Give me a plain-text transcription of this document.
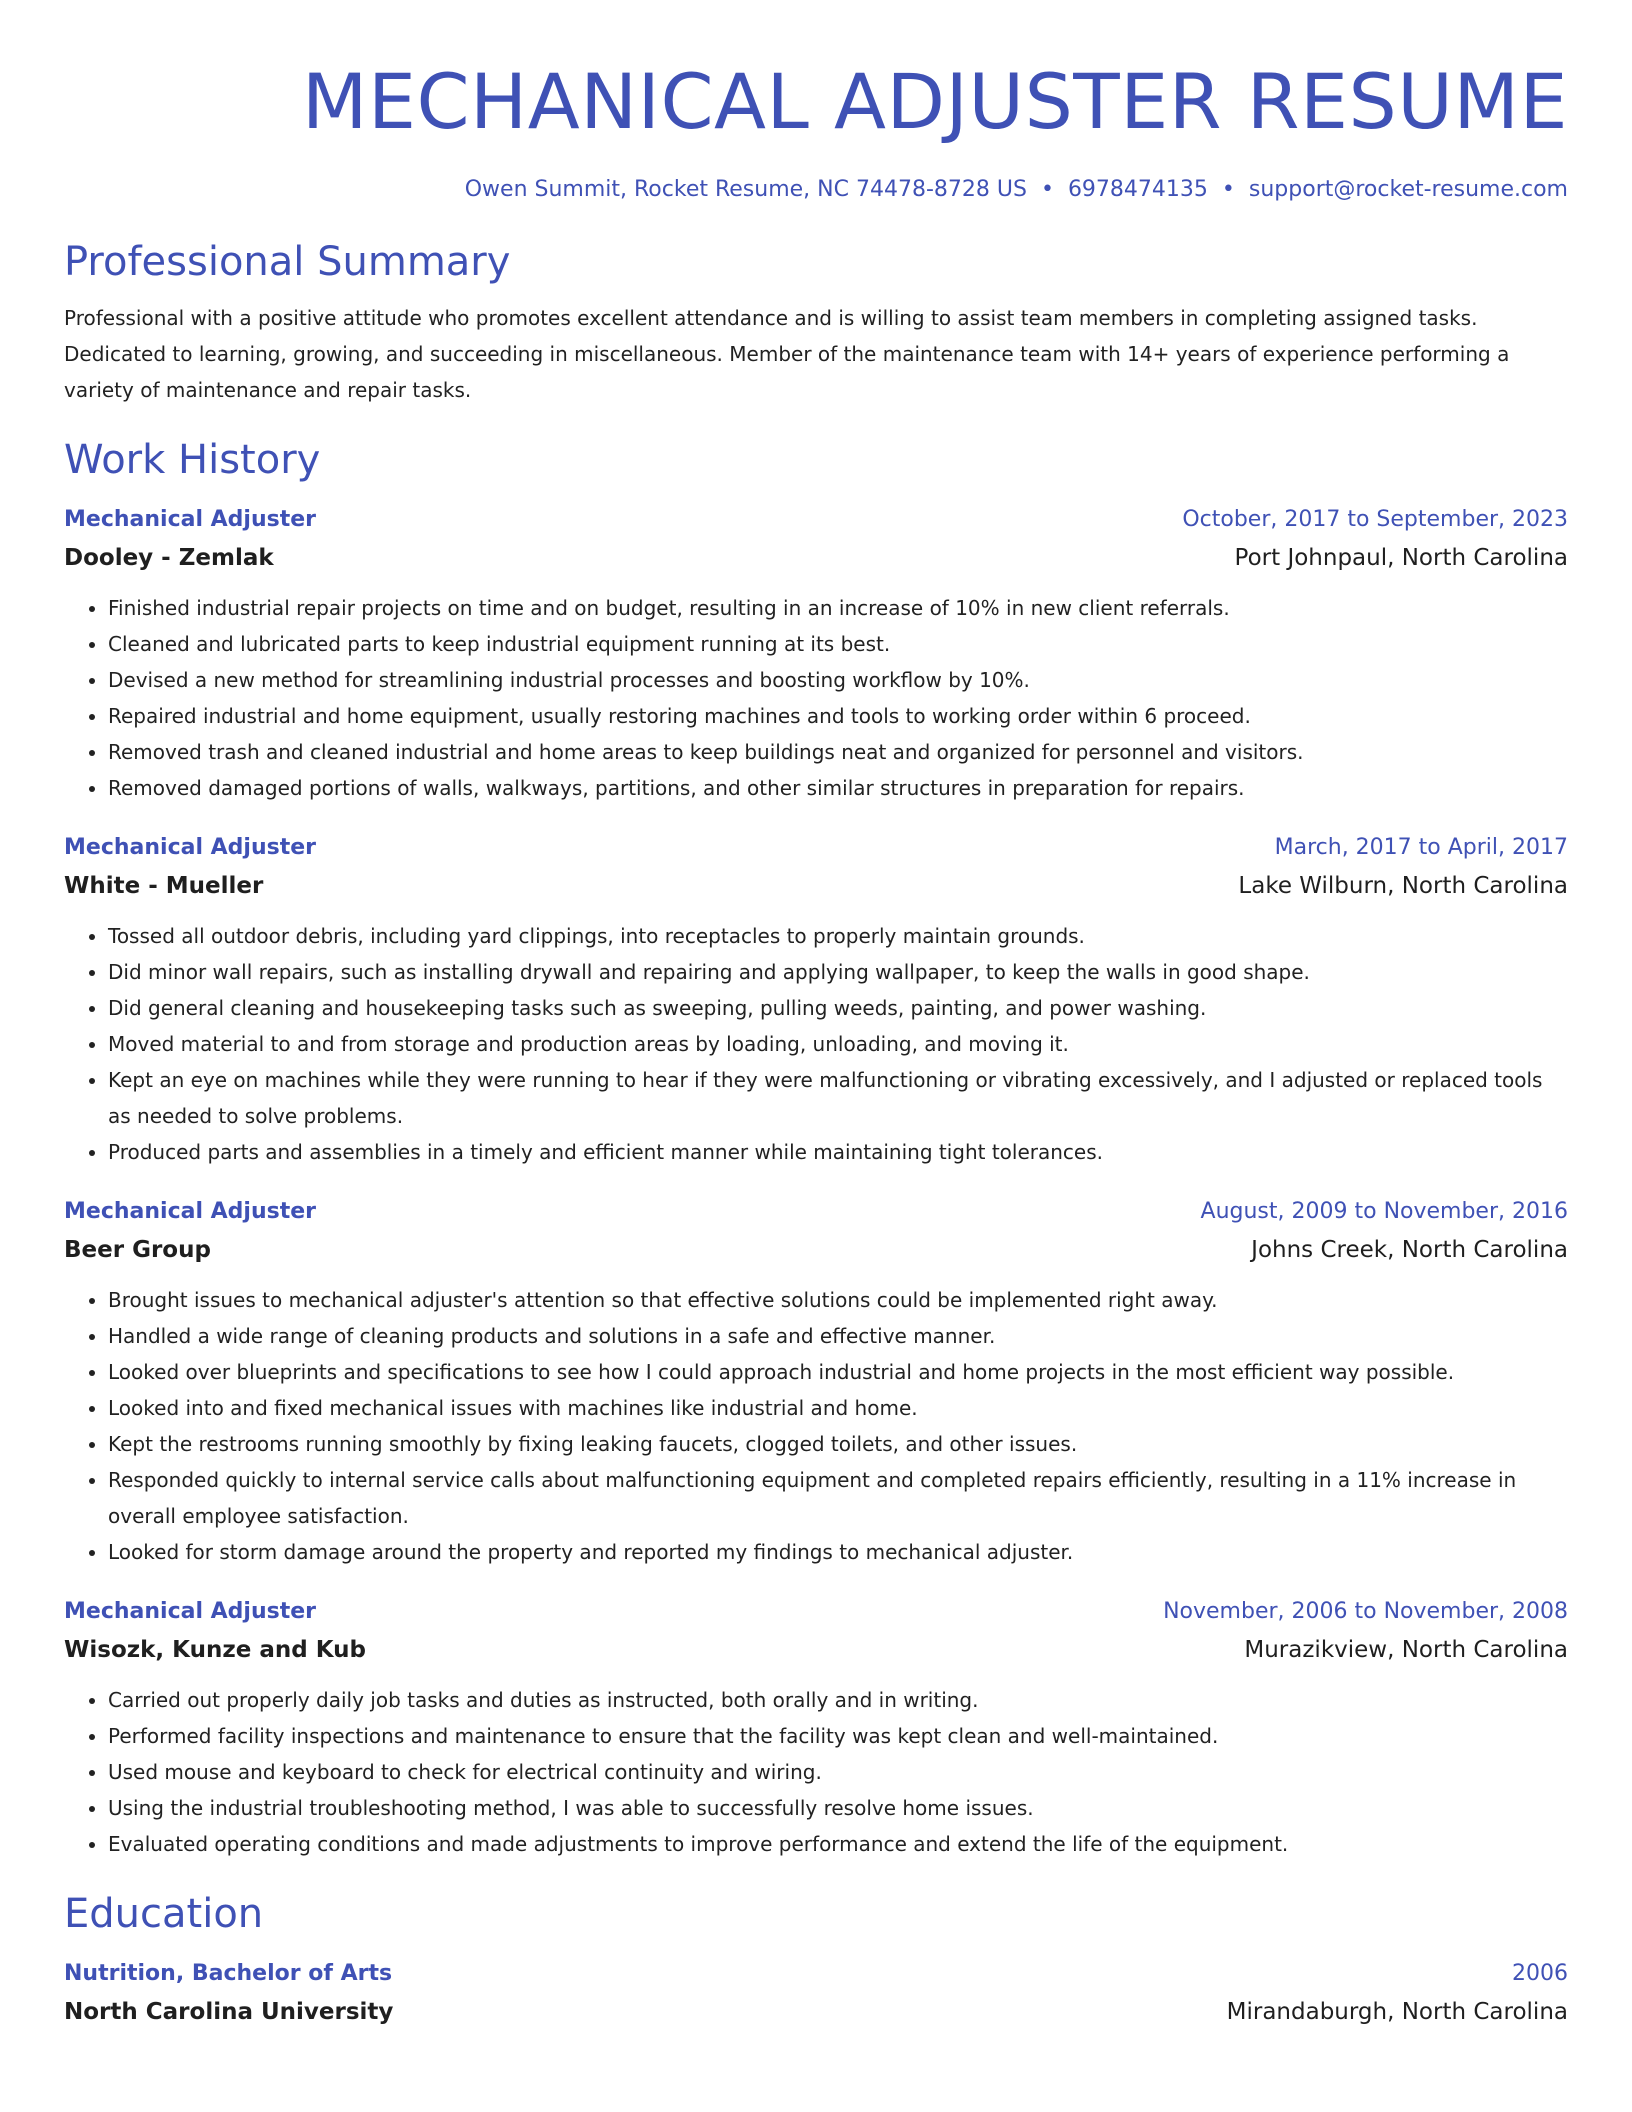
MECHANICAL ADJUSTER RESUME
Owen Summit, Rocket Resume, NC 74478-8728 US • 6978474135 • support@rocket-resume.com
Professional Summary
Professional with a positive attitude who promotes excellent attendance and is willing to assist team members in completing assigned tasks. Dedicated to learning, growing, and succeeding in miscellaneous. Member of the maintenance team with 14+ years of experience performing a variety of maintenance and repair tasks.
Work History
Mechanical Adjuster	October, 2017 to September, 2023
Dooley - Zemlak	Port Johnpaul, North Carolina
• Finished industrial repair projects on time and on budget, resulting in an increase of 10% in new client referrals.
• Cleaned and lubricated parts to keep industrial equipment running at its best.
• Devised a new method for streamlining industrial processes and boosting workflow by 10%.
• Repaired industrial and home equipment, usually restoring machines and tools to working order within 6 proceed.
• Removed trash and cleaned industrial and home areas to keep buildings neat and organized for personnel and visitors.
• Removed damaged portions of walls, walkways, partitions, and other similar structures in preparation for repairs.
Mechanical Adjuster	March, 2017 to April, 2017
White - Mueller	Lake Wilburn, North Carolina
• Tossed all outdoor debris, including yard clippings, into receptacles to properly maintain grounds.
• Did minor wall repairs, such as installing drywall and repairing and applying wallpaper, to keep the walls in good shape.
• Did general cleaning and housekeeping tasks such as sweeping, pulling weeds, painting, and power washing.
• Moved material to and from storage and production areas by loading, unloading, and moving it.
• Kept an eye on machines while they were running to hear if they were malfunctioning or vibrating excessively, and I adjusted or replaced tools as needed to solve problems.
• Produced parts and assemblies in a timely and efficient manner while maintaining tight tolerances.
Mechanical Adjuster	August, 2009 to November, 2016
Beer Group	Johns Creek, North Carolina
• Brought issues to mechanical adjuster's attention so that effective solutions could be implemented right away.
• Handled a wide range of cleaning products and solutions in a safe and effective manner.
• Looked over blueprints and specifications to see how I could approach industrial and home projects in the most efficient way possible.
• Looked into and fixed mechanical issues with machines like industrial and home.
• Kept the restrooms running smoothly by fixing leaking faucets, clogged toilets, and other issues.
• Responded quickly to internal service calls about malfunctioning equipment and completed repairs efficiently, resulting in a 11% increase in overall employee satisfaction.
• Looked for storm damage around the property and reported my findings to mechanical adjuster.
Mechanical Adjuster	November, 2006 to November, 2008
Wisozk, Kunze and Kub	Murazikview, North Carolina
• Carried out properly daily job tasks and duties as instructed, both orally and in writing.
• Performed facility inspections and maintenance to ensure that the facility was kept clean and well-maintained.
• Used mouse and keyboard to check for electrical continuity and wiring.
• Using the industrial troubleshooting method, I was able to successfully resolve home issues.
• Evaluated operating conditions and made adjustments to improve performance and extend the life of the equipment.
Education
Nutrition, Bachelor of Arts	2006
North Carolina University	Mirandaburgh, North Carolina
